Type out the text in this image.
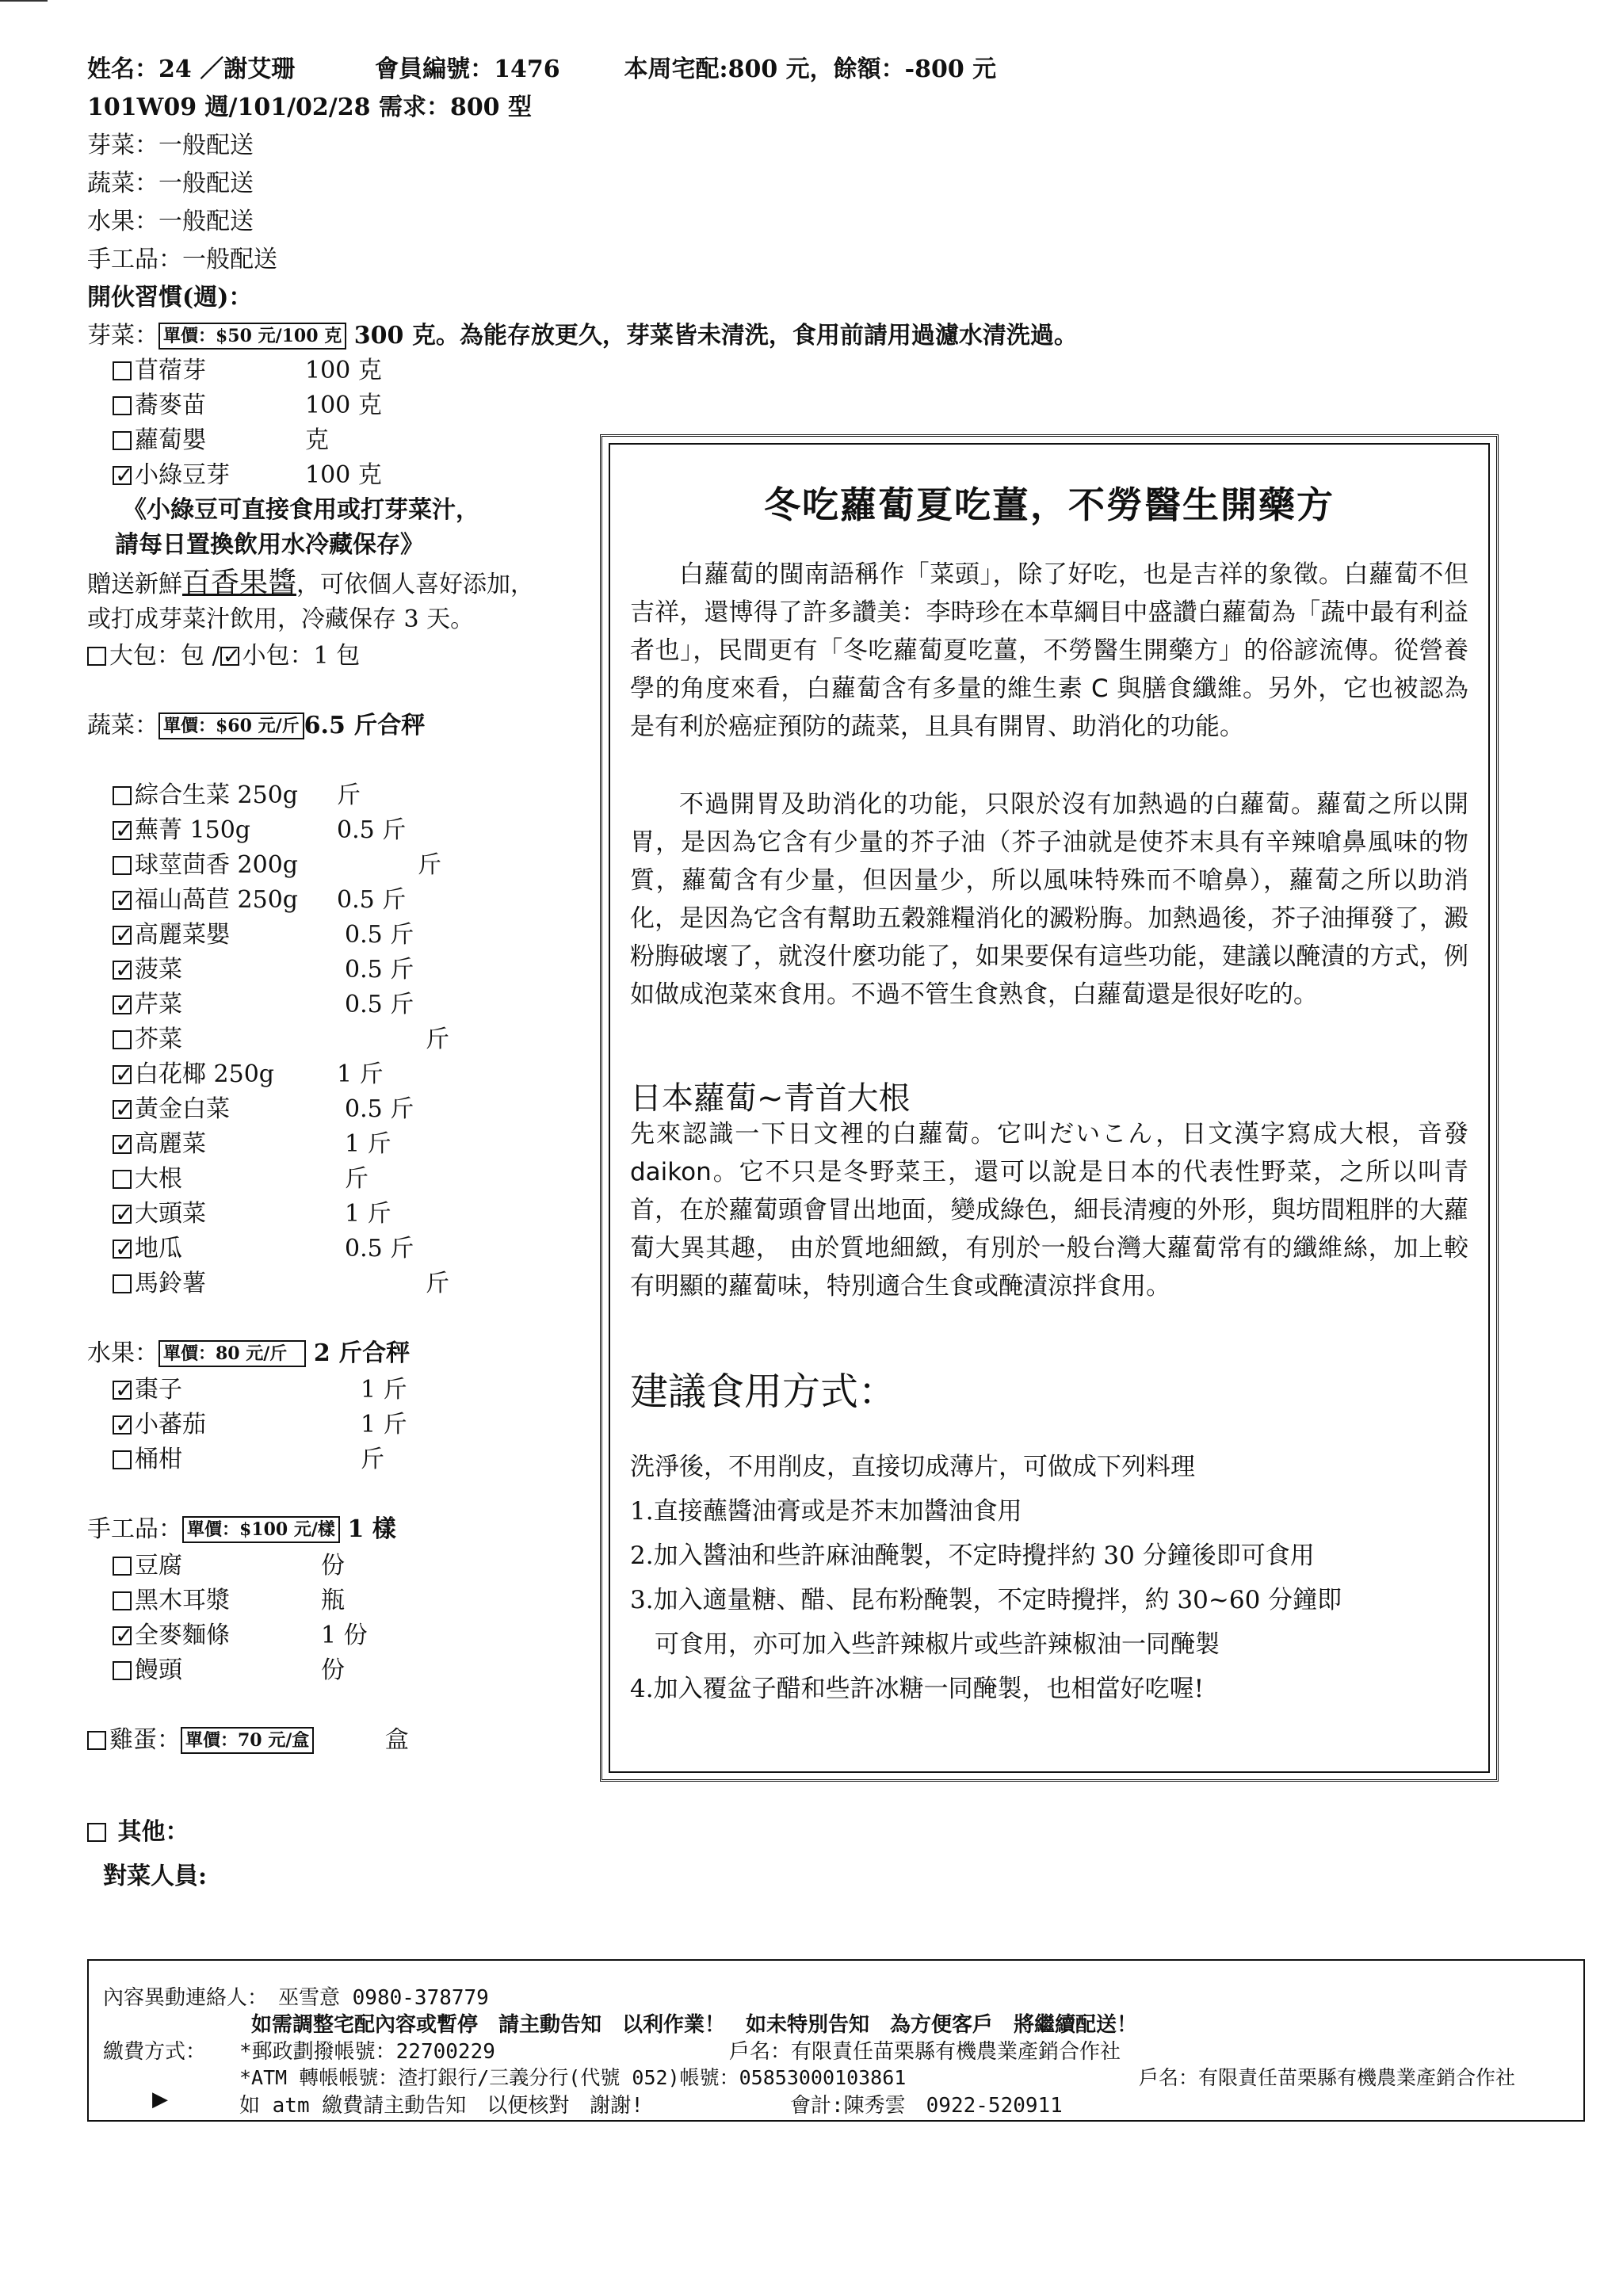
姓名：24 ／謝艾珊	會員編號：1476	本周宅配:800 元，餘額：-800 元
101W09 週/101/02/28 需求：800 型
芽菜：一般配送
蔬菜：一般配送
水果：一般配送
手工品：一般配送
開伙習慣(週)：
芽菜： 單價：$50 元/100 克 300 克。為能存放更久，芽菜皆未清洗，食用前請用過濾水清洗過。
苜蓿芽	100 克
蕎麥苗	100 克
蘿蔔嬰	克
✓小綠豆芽	100 克
《小綠豆可直接食用或打芽菜汁，
請每日置換飲用水冷藏保存》
贈送新鮮百香果醬，可依個人喜好添加，
或打成芽菜汁飲用，冷藏保存 3 天。
大包：包 /✓ 小包：1 包
蔬菜： 單價：$60 元/斤 6.5 斤合秤
綜合生菜 250g 斤
✓蕪菁 150g	0.5 斤
球莖茴香 200g	斤
✓福山萵苣 250g 0.5 斤
✓高麗菜嬰	0.5 斤
✓菠菜	0.5 斤
✓芹菜	0.5 斤
芥菜	斤
✓白花椰 250g	1 斤
✓黃金白菜	0.5 斤
✓高麗菜	1 斤
大根	斤
✓大頭菜	1 斤
✓地瓜	0.5 斤
馬鈴薯	斤
水果： 單價：80 元/斤 2 斤合秤
✓棗子	1 斤
✓小蕃茄	1 斤
桶柑	斤
手工品： 單價：$100 元/樣 1 樣
豆腐	份
黑木耳漿	瓶
✓全麥麵條	1 份
饅頭	份
雞蛋： 單價：70 元/盒	盒
其他：
對菜人員:
冬吃蘿蔔夏吃薑，不勞醫生開藥方
白蘿蔔的閩南語稱作「菜頭」，除了好吃，也是吉祥的象徵。白蘿蔔不但吉祥，還博得了許多讚美：李時珍在本草綱目中盛讚白蘿蔔為「蔬中最有利益者也」，民間更有「冬吃蘿蔔夏吃薑，不勞醫生開藥方」的俗諺流傳。從營養學的角度來看，白蘿蔔含有多量的維生素 C 與膳食纖維。另外，它也被認為是有利於癌症預防的蔬菜，且具有開胃、助消化的功能。
不過開胃及助消化的功能，只限於沒有加熱過的白蘿蔔。蘿蔔之所以開胃，是因為它含有少量的芥子油（芥子油就是使芥末具有辛辣嗆鼻風味的物質，蘿蔔含有少量，但因量少，所以風味特殊而不嗆鼻），蘿蔔之所以助消化，是因為它含有幫助五穀雜糧消化的澱粉脢。加熱過後，芥子油揮發了，澱粉脢破壞了，就沒什麼功能了，如果要保有這些功能，建議以醃漬的方式，例如做成泡菜來食用。不過不管生食熟食，白蘿蔔還是很好吃的。
日本蘿蔔~青首大根
先來認識一下日文裡的白蘿蔔。它叫だいこん，日文漢字寫成大根，音發 daikon。它不只是冬野菜王，還可以說是日本的代表性野菜，之所以叫青首，在於蘿蔔頭會冒出地面，變成綠色，細長清瘦的外形，與坊間粗胖的大蘿蔔大異其趣， 由於質地細緻，有別於一般台灣大蘿蔔常有的纖維絲，加上較有明顯的蘿蔔味，特別適合生食或醃漬涼拌食用。
建議食用方式：
洗淨後，不用削皮，直接切成薄片，可做成下列料理
1.直接蘸醬油膏或是芥末加醬油食用
2.加入醬油和些許麻油醃製，不定時攪拌約 30 分鐘後即可食用
3.加入適量糖、醋、昆布粉醃製，不定時攪拌，約 30~60 分鐘即
　可食用，亦可加入些許辣椒片或些許辣椒油一同醃製
4.加入覆盆子醋和些許冰糖一同醃製，也相當好吃喔!
內容異動連絡人：　巫雪意 0980-378779
如需調整宅配內容或暫停　請主動告知　以利作業！　如未特別告知　為方便客戶　將繼續配送！
繳費方式： *郵政劃撥帳號：22700229	戶名：有限責任苗栗縣有機農業產銷合作社
*ATM 轉帳帳號：渣打銀行/三義分行(代號 052)帳號：05853000103861	戶名：有限責任苗栗縣有機農業產銷合作社
▶	如 atm 繳費請主動告知　以便核對　謝謝!	會計:陳秀雲　0922-520911
